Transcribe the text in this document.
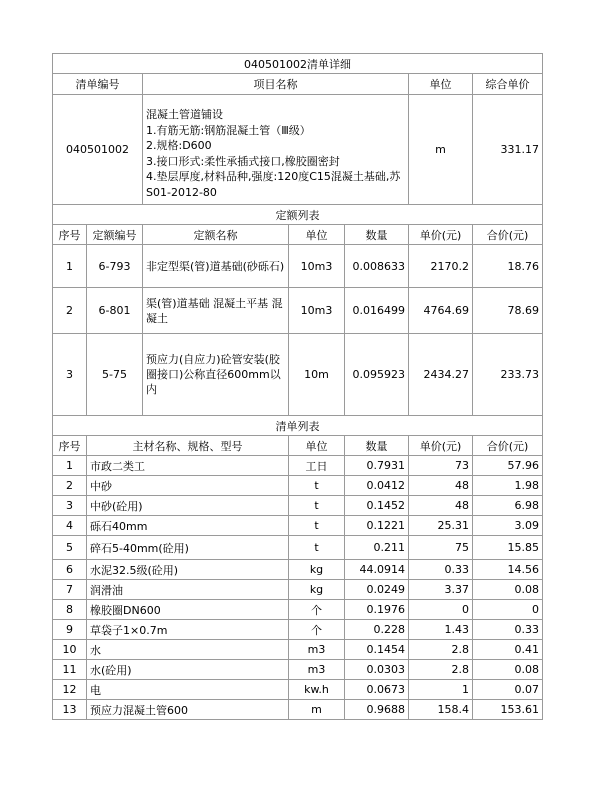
040501002清单详细			
清单编号	项目名称	单位	综合单价
040501002	混凝土管道铺设
1.有筋无筋:钢筋混凝土管（Ⅲ级）
2.规格:D600
3.接口形式:柔性承插式接口,橡胶圈密封
4.垫层厚度,材料品种,强度:120度C15混凝土基础,苏S01-2012-80	m	331.17
定额列表						
序号	定额编号	定额名称	单位	数量	单价(元)	合价(元)
1	6-793	非定型渠(管)道基础(砂砾石)	10m3	0.008633	2170.2	18.76
2	6-801	渠(管)道基础 混凝土平基 混凝土	10m3	0.016499	4764.69	78.69
3	5-75	预应力(自应力)砼管安装(胶圈接口)公称直径600mm以内	10m	0.095923	2434.27	233.73
清单列表					
序号	主材名称、规格、型号	单位	数量	单价(元)	合价(元)
1	市政二类工	工日	0.7931	73	57.96
2	中砂	t	0.0412	48	1.98
3	中砂(砼用)	t	0.1452	48	6.98
4	砾石40mm	t	0.1221	25.31	3.09
5	碎石5-40mm(砼用)	t	0.211	75	15.85
6	水泥32.5级(砼用)	kg	44.0914	0.33	14.56
7	润滑油	kg	0.0249	3.37	0.08
8	橡胶圈DN600	个	0.1976	0	0
9	草袋子1×0.7m	个	0.228	1.43	0.33
10	水	m3	0.1454	2.8	0.41
11	水(砼用)	m3	0.0303	2.8	0.08
12	电	kw.h	0.0673	1	0.07
13	预应力混凝土管600	m	0.9688	158.4	153.61
